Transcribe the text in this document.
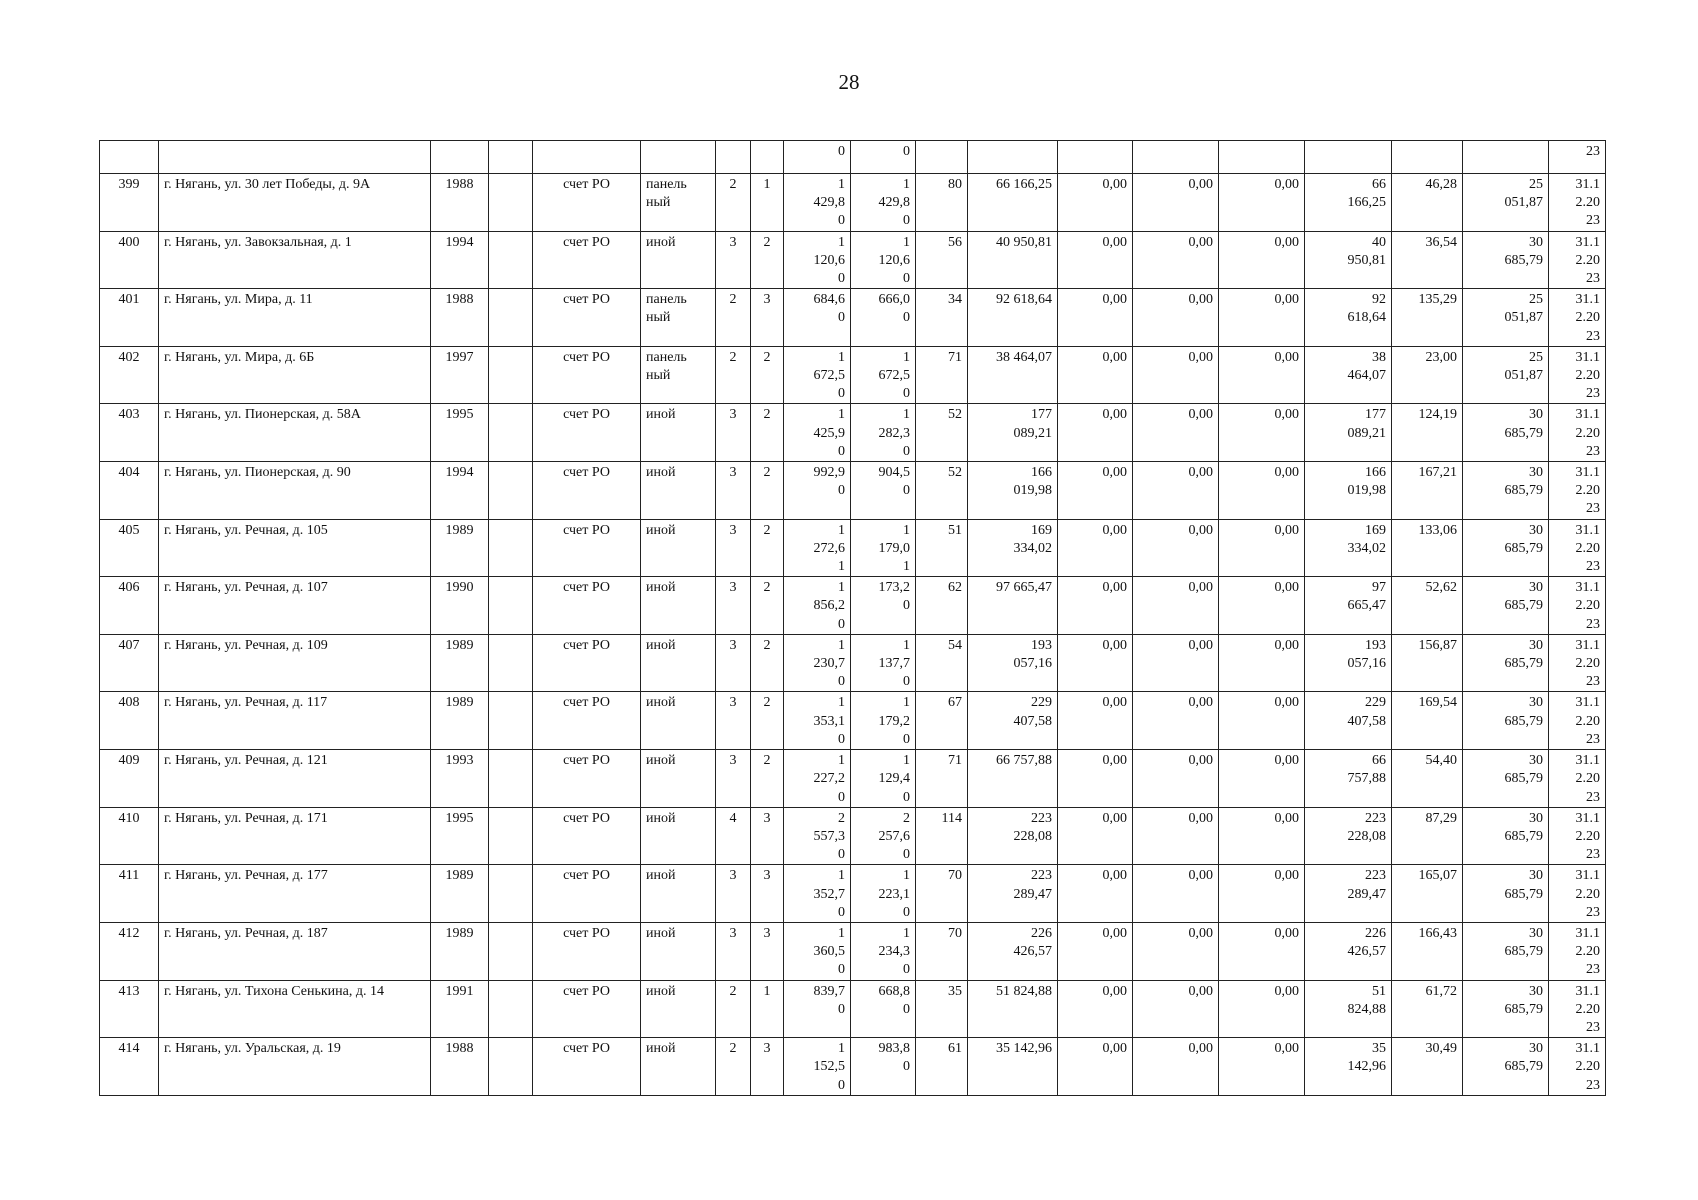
28

								0	0									23

399	г. Нягань, ул. 30 лет Победы, д. 9А	1988		счет РО	панель
ный	2	1	1
429,8
0	1
429,8
0	80	66 166,25	0,00	0,00	0,00	66
166,25	46,28	25
051,87	31.1
2.20
23

400	г. Нягань, ул. Завокзальная, д. 1	1994		счет РО	иной	3	2	1
120,6
0	1
120,6
0	56	40 950,81	0,00	0,00	0,00	40
950,81	36,54	30
685,79	31.1
2.20
23

401	г. Нягань, ул. Мира, д. 11	1988		счет РО	панель
ный	2	3	684,6
0	666,0
0	34	92 618,64	0,00	0,00	0,00	92
618,64	135,29	25
051,87	31.1
2.20
23

402	г. Нягань, ул. Мира, д. 6Б	1997		счет РО	панель
ный	2	2	1
672,5
0	1
672,5
0	71	38 464,07	0,00	0,00	0,00	38
464,07	23,00	25
051,87	31.1
2.20
23

403	г. Нягань, ул. Пионерская, д. 58А	1995		счет РО	иной	3	2	1
425,9
0	1
282,3
0	52	177
089,21	0,00	0,00	0,00	177
089,21	124,19	30
685,79	31.1
2.20
23

404	г. Нягань, ул. Пионерская, д. 90	1994		счет РО	иной	3	2	992,9
0	904,5
0	52	166
019,98	0,00	0,00	0,00	166
019,98	167,21	30
685,79	31.1
2.20
23

405	г. Нягань, ул. Речная, д. 105	1989		счет РО	иной	3	2	1
272,6
1	1
179,0
1	51	169
334,02	0,00	0,00	0,00	169
334,02	133,06	30
685,79	31.1
2.20
23

406	г. Нягань, ул. Речная, д. 107	1990		счет РО	иной	3	2	1
856,2
0	173,2
0	62	97 665,47	0,00	0,00	0,00	97
665,47	52,62	30
685,79	31.1
2.20
23

407	г. Нягань, ул. Речная, д. 109	1989		счет РО	иной	3	2	1
230,7
0	1
137,7
0	54	193
057,16	0,00	0,00	0,00	193
057,16	156,87	30
685,79	31.1
2.20
23

408	г. Нягань, ул. Речная, д. 117	1989		счет РО	иной	3	2	1
353,1
0	1
179,2
0	67	229
407,58	0,00	0,00	0,00	229
407,58	169,54	30
685,79	31.1
2.20
23

409	г. Нягань, ул. Речная, д. 121	1993		счет РО	иной	3	2	1
227,2
0	1
129,4
0	71	66 757,88	0,00	0,00	0,00	66
757,88	54,40	30
685,79	31.1
2.20
23

410	г. Нягань, ул. Речная, д. 171	1995		счет РО	иной	4	3	2
557,3
0	2
257,6
0	114	223
228,08	0,00	0,00	0,00	223
228,08	87,29	30
685,79	31.1
2.20
23

411	г. Нягань, ул. Речная, д. 177	1989		счет РО	иной	3	3	1
352,7
0	1
223,1
0	70	223
289,47	0,00	0,00	0,00	223
289,47	165,07	30
685,79	31.1
2.20
23

412	г. Нягань, ул. Речная, д. 187	1989		счет РО	иной	3	3	1
360,5
0	1
234,3
0	70	226
426,57	0,00	0,00	0,00	226
426,57	166,43	30
685,79	31.1
2.20
23

413	г. Нягань, ул. Тихона Сенькина, д. 14	1991		счет РО	иной	2	1	839,7
0	668,8
0	35	51 824,88	0,00	0,00	0,00	51
824,88	61,72	30
685,79	31.1
2.20
23

414	г. Нягань, ул. Уральская, д. 19	1988		счет РО	иной	2	3	1
152,5
0	983,8
0	61	35 142,96	0,00	0,00	0,00	35
142,96	30,49	30
685,79	31.1
2.20
23
